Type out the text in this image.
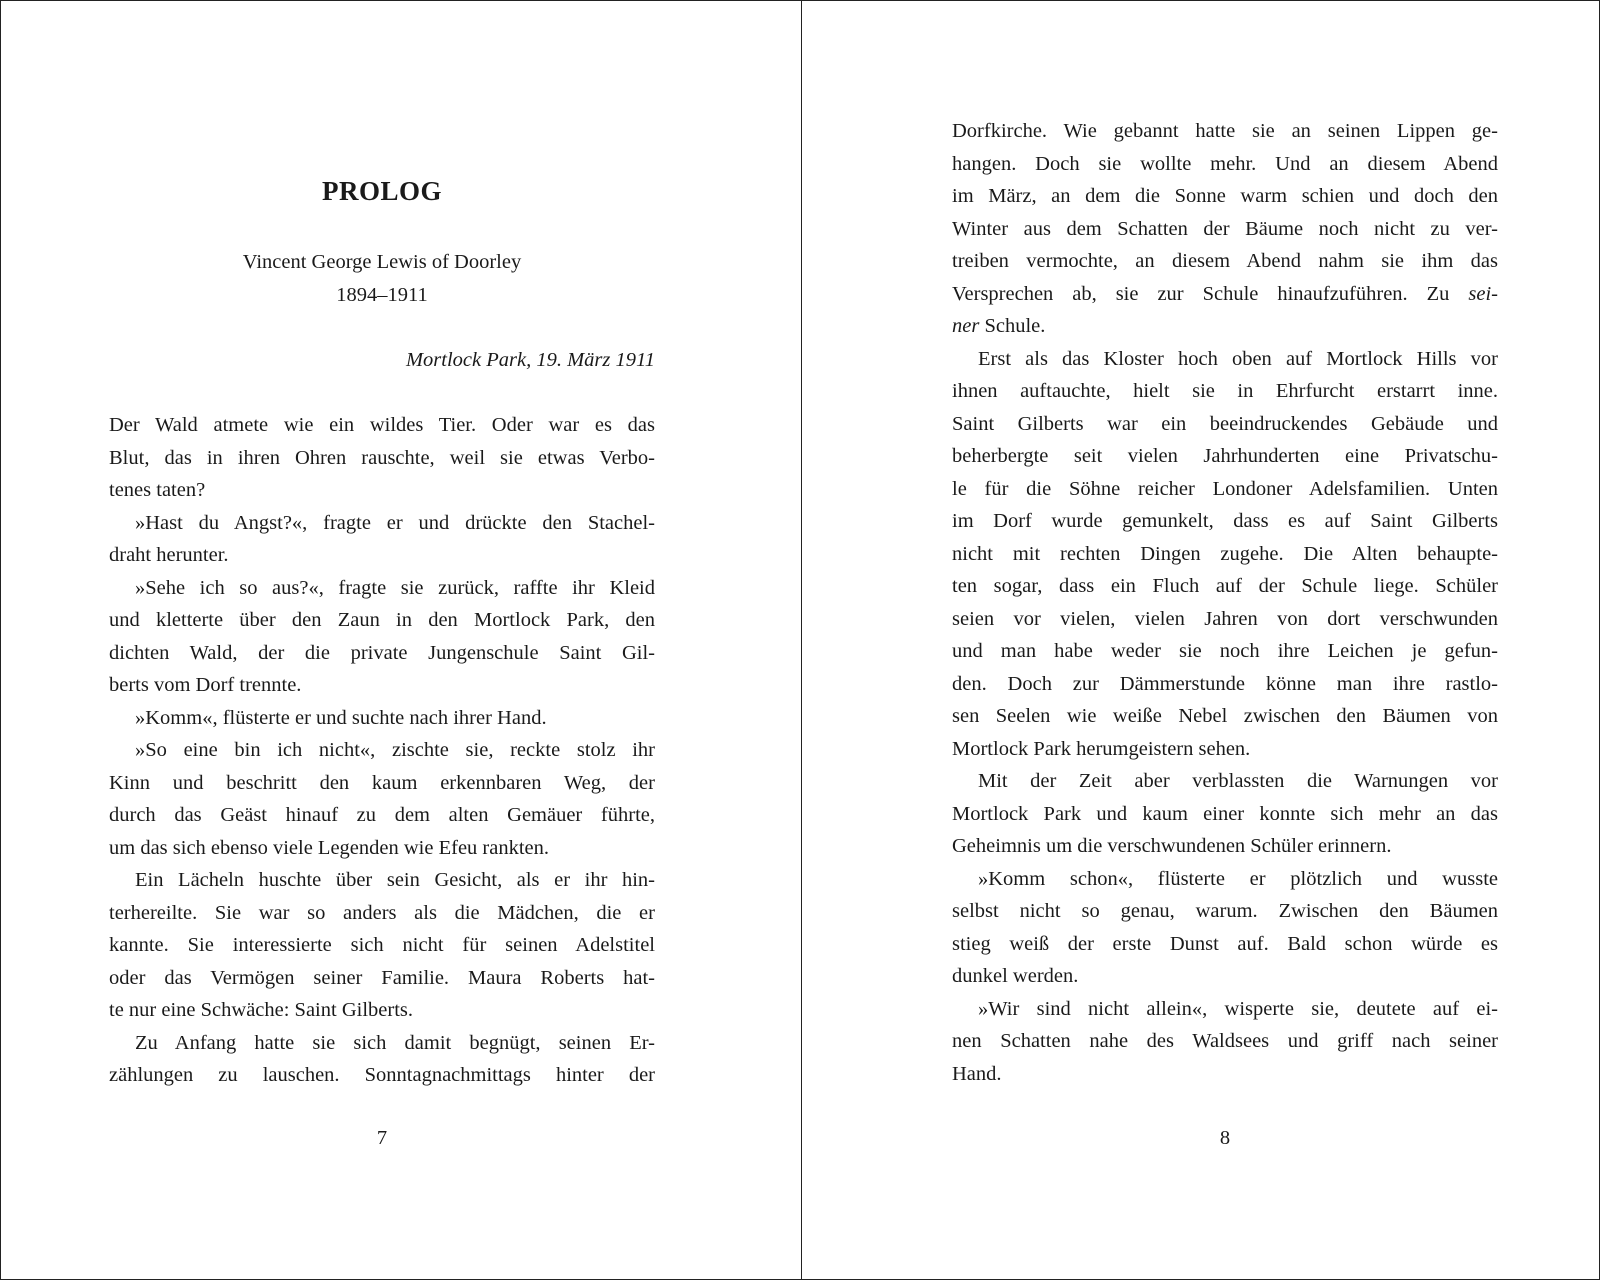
PROLOG
Vincent George Lewis of Doorley
1894–1911
Mortlock Park, 19. März 1911
Der Wald atmete wie ein wildes Tier. Oder war es das
Blut, das in ihren Ohren rauschte, weil sie etwas Verbo-
tenes taten?
»Hast du Angst?«, fragte er und drückte den Stachel-
draht herunter.
»Sehe ich so aus?«, fragte sie zurück, raffte ihr Kleid
und kletterte über den Zaun in den Mortlock Park, den
dichten Wald, der die private Jungenschule Saint Gil-
berts vom Dorf trennte.
»Komm«, flüsterte er und suchte nach ihrer Hand.
»So eine bin ich nicht«, zischte sie, reckte stolz ihr
Kinn und beschritt den kaum erkennbaren Weg, der
durch das Geäst hinauf zu dem alten Gemäuer führte,
um das sich ebenso viele Legenden wie Efeu rankten.
Ein Lächeln huschte über sein Gesicht, als er ihr hin-
terhereilte. Sie war so anders als die Mädchen, die er
kannte. Sie interessierte sich nicht für seinen Adelstitel
oder das Vermögen seiner Familie. Maura Roberts hat-
te nur eine Schwäche: Saint Gilberts.
Zu Anfang hatte sie sich damit begnügt, seinen Er-
zählungen zu lauschen. Sonntagnachmittags hinter der
7
Dorfkirche. Wie gebannt hatte sie an seinen Lippen ge-
hangen. Doch sie wollte mehr. Und an diesem Abend
im März, an dem die Sonne warm schien und doch den
Winter aus dem Schatten der Bäume noch nicht zu ver-
treiben vermochte, an diesem Abend nahm sie ihm das
Versprechen ab, sie zur Schule hinaufzuführen. Zu sei-
ner Schule.
Erst als das Kloster hoch oben auf Mortlock Hills vor
ihnen auftauchte, hielt sie in Ehrfurcht erstarrt inne.
Saint Gilberts war ein beeindruckendes Gebäude und
beherbergte seit vielen Jahrhunderten eine Privatschu-
le für die Söhne reicher Londoner Adelsfamilien. Unten
im Dorf wurde gemunkelt, dass es auf Saint Gilberts
nicht mit rechten Dingen zugehe. Die Alten behaupte-
ten sogar, dass ein Fluch auf der Schule liege. Schüler
seien vor vielen, vielen Jahren von dort verschwunden
und man habe weder sie noch ihre Leichen je gefun-
den. Doch zur Dämmerstunde könne man ihre rastlo-
sen Seelen wie weiße Nebel zwischen den Bäumen von
Mortlock Park herumgeistern sehen.
Mit der Zeit aber verblassten die Warnungen vor
Mortlock Park und kaum einer konnte sich mehr an das
Geheimnis um die verschwundenen Schüler erinnern.
»Komm schon«, flüsterte er plötzlich und wusste
selbst nicht so genau, warum. Zwischen den Bäumen
stieg weiß der erste Dunst auf. Bald schon würde es
dunkel werden.
»Wir sind nicht allein«, wisperte sie, deutete auf ei-
nen Schatten nahe des Waldsees und griff nach seiner
Hand.
8
